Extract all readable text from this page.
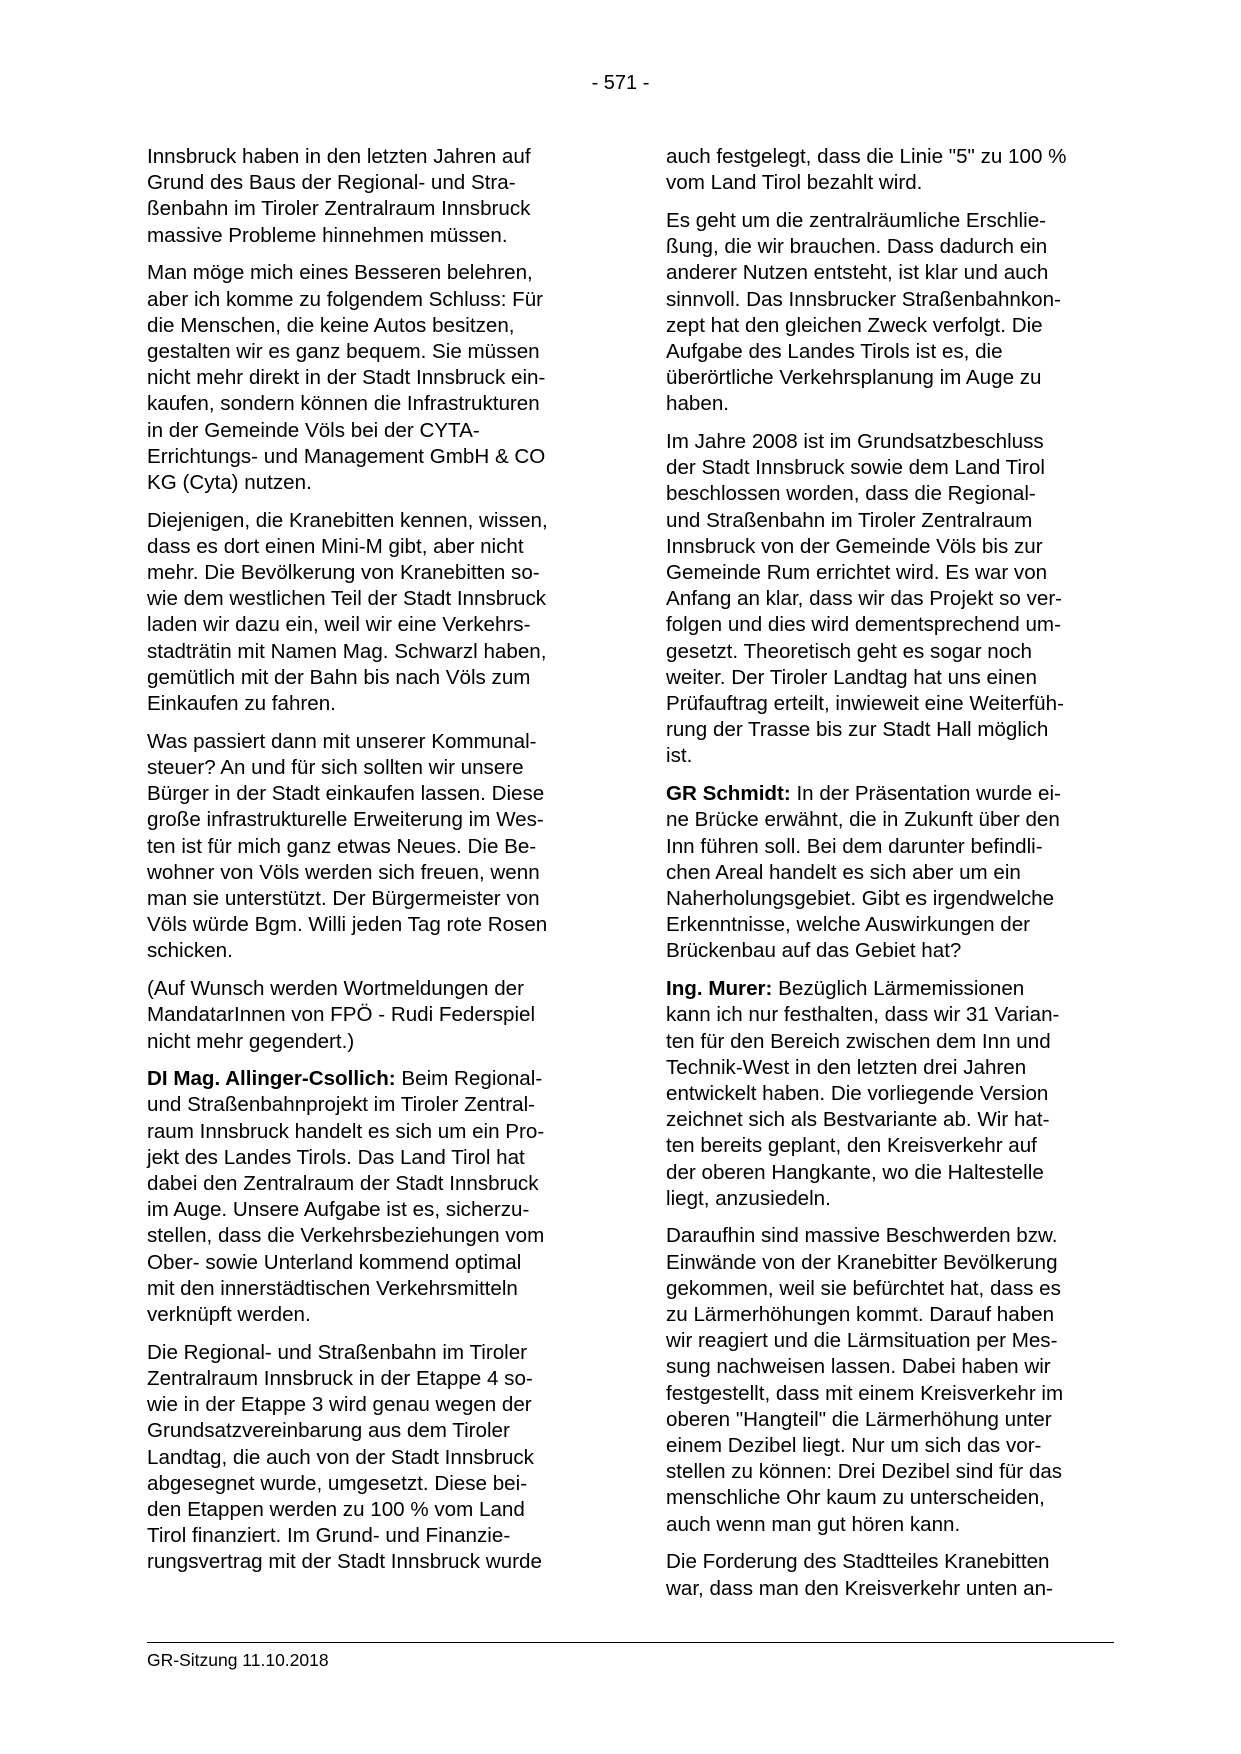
- 571 -
Innsbruck haben in den letzten Jahren auf
Grund des Baus der Regional- und Stra-
ßenbahn im Tiroler Zentralraum Innsbruck
massive Probleme hinnehmen müssen.
Man möge mich eines Besseren belehren,
aber ich komme zu folgendem Schluss: Für
die Menschen, die keine Autos besitzen,
gestalten wir es ganz bequem. Sie müssen
nicht mehr direkt in der Stadt Innsbruck ein-
kaufen, sondern können die Infrastrukturen
in der Gemeinde Völs bei der CYTA-
Errichtungs- und Management GmbH & CO
KG (Cyta) nutzen.
Diejenigen, die Kranebitten kennen, wissen,
dass es dort einen Mini-M gibt, aber nicht
mehr. Die Bevölkerung von Kranebitten so-
wie dem westlichen Teil der Stadt Innsbruck
laden wir dazu ein, weil wir eine Verkehrs-
stadträtin mit Namen Mag. Schwarzl haben,
gemütlich mit der Bahn bis nach Völs zum
Einkaufen zu fahren.
Was passiert dann mit unserer Kommunal-
steuer? An und für sich sollten wir unsere
Bürger in der Stadt einkaufen lassen. Diese
große infrastrukturelle Erweiterung im Wes-
ten ist für mich ganz etwas Neues. Die Be-
wohner von Völs werden sich freuen, wenn
man sie unterstützt. Der Bürgermeister von
Völs würde Bgm. Willi jeden Tag rote Rosen
schicken.
(Auf Wunsch werden Wortmeldungen der
MandatarInnen von FPÖ - Rudi Federspiel
nicht mehr gegendert.)
DI Mag. Allinger-Csollich: Beim Regional-
und Straßenbahnprojekt im Tiroler Zentral-
raum Innsbruck handelt es sich um ein Pro-
jekt des Landes Tirols. Das Land Tirol hat
dabei den Zentralraum der Stadt Innsbruck
im Auge. Unsere Aufgabe ist es, sicherzu-
stellen, dass die Verkehrsbeziehungen vom
Ober- sowie Unterland kommend optimal
mit den innerstädtischen Verkehrsmitteln
verknüpft werden.
Die Regional- und Straßenbahn im Tiroler
Zentralraum Innsbruck in der Etappe 4 so-
wie in der Etappe 3 wird genau wegen der
Grundsatzvereinbarung aus dem Tiroler
Landtag, die auch von der Stadt Innsbruck
abgesegnet wurde, umgesetzt. Diese bei-
den Etappen werden zu 100 % vom Land
Tirol finanziert. Im Grund- und Finanzie-
rungsvertrag mit der Stadt Innsbruck wurde
auch festgelegt, dass die Linie "5" zu 100 %
vom Land Tirol bezahlt wird.
Es geht um die zentralräumliche Erschlie-
ßung, die wir brauchen. Dass dadurch ein
anderer Nutzen entsteht, ist klar und auch
sinnvoll. Das Innsbrucker Straßenbahnkon-
zept hat den gleichen Zweck verfolgt. Die
Aufgabe des Landes Tirols ist es, die
überörtliche Verkehrsplanung im Auge zu
haben.
Im Jahre 2008 ist im Grundsatzbeschluss
der Stadt Innsbruck sowie dem Land Tirol
beschlossen worden, dass die Regional-
und Straßenbahn im Tiroler Zentralraum
Innsbruck von der Gemeinde Völs bis zur
Gemeinde Rum errichtet wird. Es war von
Anfang an klar, dass wir das Projekt so ver-
folgen und dies wird dementsprechend um-
gesetzt. Theoretisch geht es sogar noch
weiter. Der Tiroler Landtag hat uns einen
Prüfauftrag erteilt, inwieweit eine Weiterfüh-
rung der Trasse bis zur Stadt Hall möglich
ist.
GR Schmidt: In der Präsentation wurde ei-
ne Brücke erwähnt, die in Zukunft über den
Inn führen soll. Bei dem darunter befindli-
chen Areal handelt es sich aber um ein
Naherholungsgebiet. Gibt es irgendwelche
Erkenntnisse, welche Auswirkungen der
Brückenbau auf das Gebiet hat?
Ing. Murer: Bezüglich Lärmemissionen
kann ich nur festhalten, dass wir 31 Varian-
ten für den Bereich zwischen dem Inn und
Technik-West in den letzten drei Jahren
entwickelt haben. Die vorliegende Version
zeichnet sich als Bestvariante ab. Wir hat-
ten bereits geplant, den Kreisverkehr auf
der oberen Hangkante, wo die Haltestelle
liegt, anzusiedeln.
Daraufhin sind massive Beschwerden bzw.
Einwände von der Kranebitter Bevölkerung
gekommen, weil sie befürchtet hat, dass es
zu Lärmerhöhungen kommt. Darauf haben
wir reagiert und die Lärmsituation per Mes-
sung nachweisen lassen. Dabei haben wir
festgestellt, dass mit einem Kreisverkehr im
oberen "Hangteil" die Lärmerhöhung unter
einem Dezibel liegt. Nur um sich das vor-
stellen zu können: Drei Dezibel sind für das
menschliche Ohr kaum zu unterscheiden,
auch wenn man gut hören kann.
Die Forderung des Stadtteiles Kranebitten
war, dass man den Kreisverkehr unten an-
GR-Sitzung 11.10.2018
